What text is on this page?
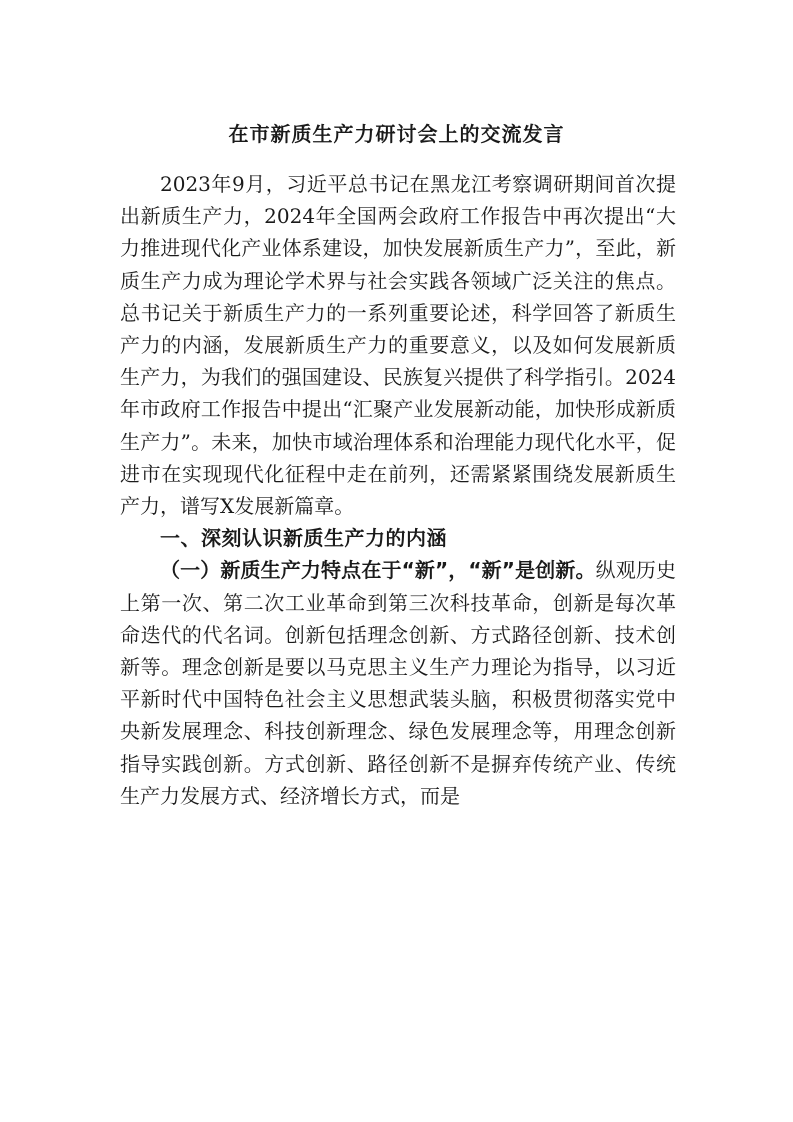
在市新质生产力研讨会上的交流发言

2023年9月，习近平总书记在黑龙江考察调研期间首次提出新质生产力，2024年全国两会政府工作报告中再次提出“大力推进现代化产业体系建设，加快发展新质生产力”，至此，新质生产力成为理论学术界与社会实践各领域广泛关注的焦点。总书记关于新质生产力的一系列重要论述，科学回答了新质生产力的内涵，发展新质生产力的重要意义，以及如何发展新质生产力，为我们的强国建设、民族复兴提供了科学指引。2024年市政府工作报告中提出“汇聚产业发展新动能，加快形成新质生产力”。未来，加快市域治理体系和治理能力现代化水平，促进市在实现现代化征程中走在前列，还需紧紧围绕发展新质生产力，谱写X发展新篇章。

一、深刻认识新质生产力的内涵

（一）新质生产力特点在于“新”，“新”是创新。纵观历史上第一次、第二次工业革命到第三次科技革命，创新是每次革命迭代的代名词。创新包括理念创新、方式路径创新、技术创新等。理念创新是要以马克思主义生产力理论为指导，以习近平新时代中国特色社会主义思想武装头脑，积极贯彻落实党中央新发展理念、科技创新理念、绿色发展理念等，用理念创新指导实践创新。方式创新、路径创新不是摒弃传统产业、传统生产力发展方式、经济增长方式，而是
